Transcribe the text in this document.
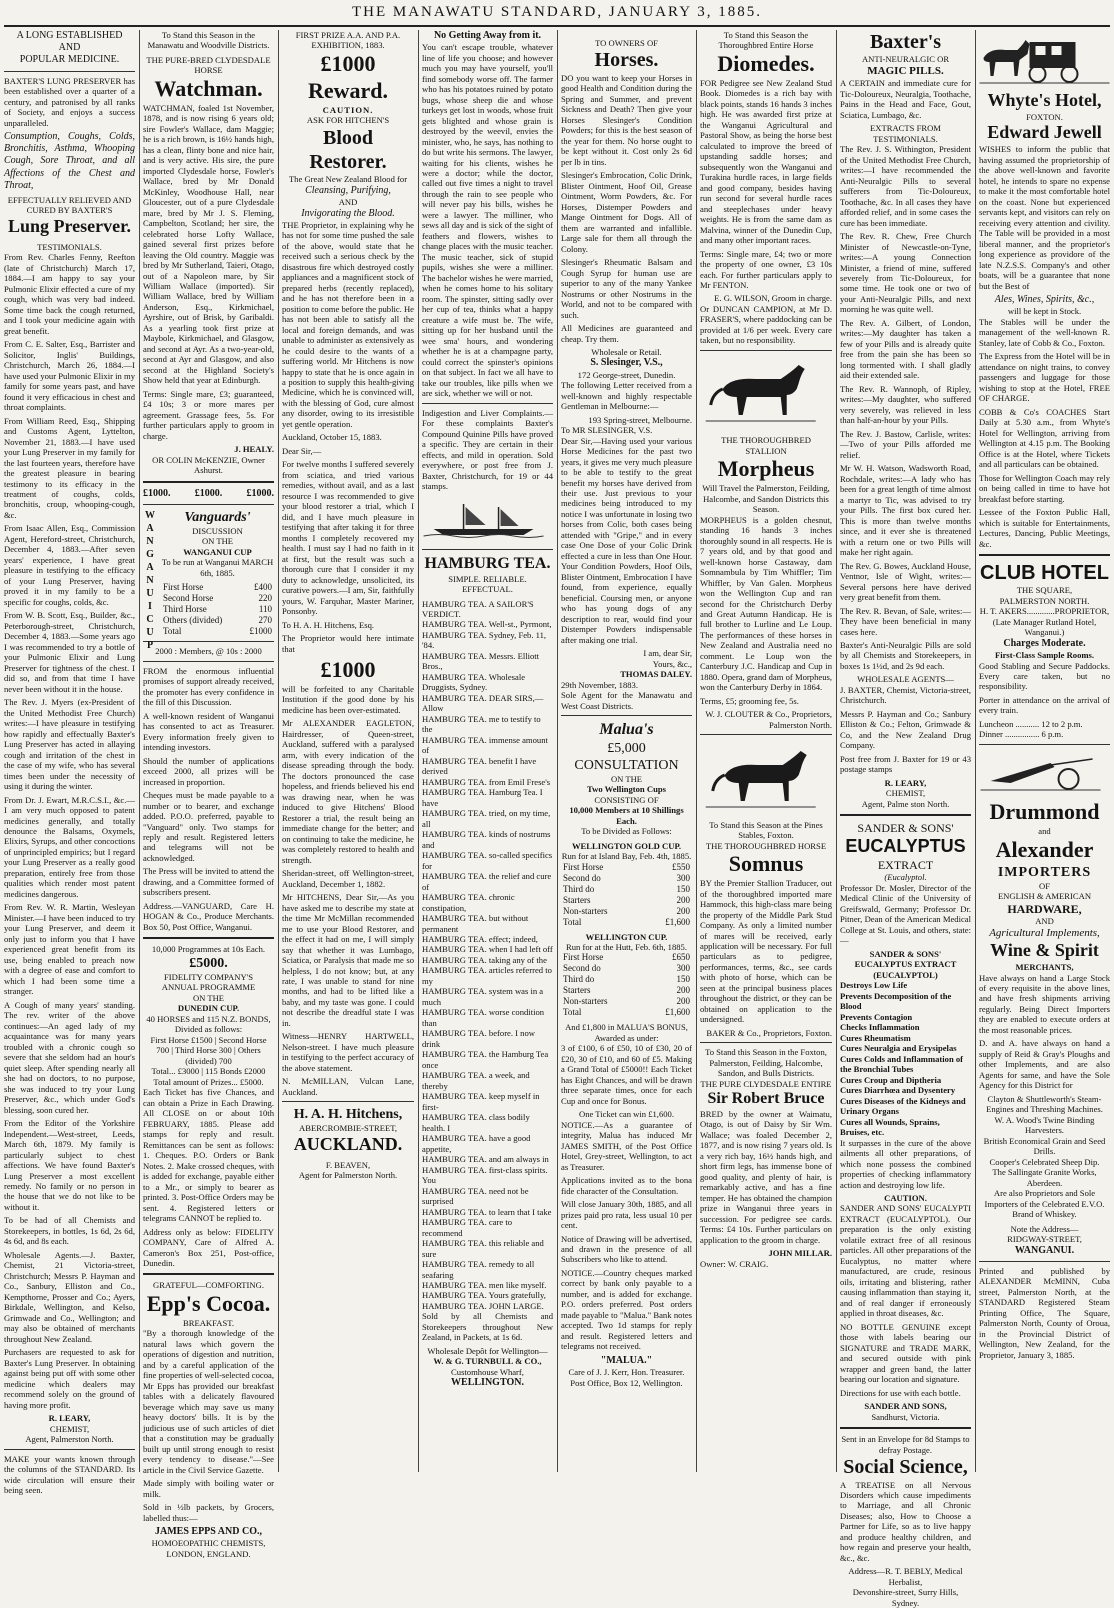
THE MANAWATU STANDARD, JANUARY 3, 1885.
A LONG ESTABLISHED
AND
POPULAR MEDICINE.

BAXTER'S LUNG PRESERVER has been established over a quarter of a century, and patronised by all ranks of Society, and enjoys a success unparalleled.

Consumption, Coughs, Colds, Bronchitis, Asthma, Whooping Cough, Sore Throat, and all Affections of the Chest and Throat,

EFFECTUALLY RELIEVED AND
CURED BY BAXTER'S
Lung Preserver.
TESTIMONIALS.

From Rev. Charles Fenny, Reefton (late of Christchurch) March 17, 1884.—I am happy to say your Pulmonic Elixir effected a cure of my cough, which was very bad indeed. Some time back the cough returned, and I took your medicine again with great benefit.

From C. E. Salter, Esq., Barrister and Solicitor, Inglis' Buildings, Christchurch, March 26, 1884.—I have used your Pulmonic Elixir in my family for some years past, and have found it very efficacious in chest and throat complaints.

From William Reed, Esq., Shipping and Customs Agent, Lyttelton, November 21, 1883.—I have used your Lung Preserver in my family for the last fourteen years, therefore have the greatest pleasure in bearing testimony to its efficacy in the treatment of coughs, colds, bronchitis, croup, whooping-cough, &c.

From Isaac Allen, Esq., Commission Agent, Hereford-street, Christchurch, December 4, 1883.—After seven years' experience, I have great pleasure in testifying to the efficacy of your Lung Preserver, having proved it in my family to be a specific for coughs, colds, &c.

From W. B. Scott, Esq., Builder, &c., Peterborough-street, Christchurch, December 4, 1883.—Some years ago I was recommended to try a bottle of your Pulmonic Elixir and Lung Preserver for tightness of the chest. I did so, and from that time I have never been without it in the house.

The Rev. J. Myers (ex-President of the United Methodist Free Church) writes:—I have pleasure in testifying how rapidly and effectually Baxter's Lung Preserver has acted in allaying cough and irritation of the chest in the case of my wife, who has several times been under the necessity of using it during the winter.

From Dr. J. Ewart, M.R.C.S.I., &c.—I am very much opposed to patent medicines generally, and totally denounce the Balsams, Oxymels, Elixirs, Syrups, and other concoctions of unprincipled empirics; but I regard your Lung Preserver as a really good preparation, entirely free from those qualities which render most patent medicines dangerous.

From Rev. W. R. Martin, Wesleyan Minister.—I have been induced to try your Lung Preserver, and deem it only just to inform you that I have experienced great benefit from its use, being enabled to preach now with a degree of ease and comfort to which I had been some time a stranger.

A Cough of many years' standing. The rev. writer of the above continues:—An aged lady of my acquaintance was for many years troubled with a chronic cough so severe that she seldom had an hour's quiet sleep. After spending nearly all she had on doctors, to no purpose, she was induced to try your Lung Preserver, &c., which under God's blessing, soon cured her.

From the Editor of the Yorkshire Independent.—West-street, Leeds, March 6th, 1879. My family is particularly subject to chest affections. We have found Baxter's Lung Preserver a most excellent remedy. No family or no person in the house that we do not like to be without it.

To be had of all Chemists and Storekeepers, in bottles, 1s 6d, 2s 6d, 4s 6d, and 8s each.

Wholesale Agents.—J. Baxter, Chemist, 21 Victoria-street, Christchurch; Messrs P. Hayman and Co., Sanbury, Elliston and Co., Kempthorne, Prosser and Co.; Ayers, Birkdale, Wellington, and Kelso, Grimwade and Co., Wellington; and may also be obtained of merchants throughout New Zealand.

Purchasers are requested to ask for Baxter's Lung Preserver. In obtaining against being put off with some other medicine which dealers may recommend solely on the ground of having more profit.

R. LEARY,
CHEMIST,
Agent, Palmerston North.

MAKE your wants known through the columns of the STANDARD. Its wide circulation will ensure their being seen.

To Stand this Season in the Manawatu and Woodville Districts.
THE PURE-BRED CLYDESDALE HORSE
Watchman.

WATCHMAN, foaled 1st November, 1878, and is now rising 6 years old; sire Fowler's Wallace, dam Maggie; he is a rich brown, is 16½ hands high, has a clean, flinty bone and nice hair, and is very active. His sire, the pure imported Clydesdale horse, Fowler's Wallace, bred by Mr Donald McKinley, Woodhouse Hall, near Gloucester, out of a pure Clydesdale mare, bred by Mr J. S. Fleming, Campbelton, Scotland; her sire, the celebrated horse Lofty Wallace, gained several first prizes before leaving the Old country. Maggie was bred by Mr Sutherland, Taieri, Otago, out of a Napoleon mare, by Sir William Wallace (imported). Sir William Wallace, bred by William Anderson, Esq., Kirkmichael, Ayrshire, out of Brisk, by Garibaldi. As a yearling took first prize at Maybole, Kirkmichael, and Glasgow, and second at Ayr. As a two-year-old, second at Ayr and Glasgow, and also second at the Highland Society's Show held that year at Edinburgh.

Terms: Single mare, £3; guaranteed, £4 10s; 3 or more mares per agreement. Grassage fees, 5s. For further particulars apply to groom in charge.

J. HEALY.
OR COLIN McKENZIE, Owner Ashurst.
£1000. £1000. £1000.
W
A
N
G
A
N
U
I
C
U
P
Vanguards'
DISCUSSION
ON THE
WANGANUI CUP
To be run at Wanganui MARCH 6th, 1885.
First Horse	£400
Second Horse	220
Third Horse	110
Others (divided)	270
Total	£1000
2000 : Members, @ 10s : 2000

FROM the enormous influential promises of support already received, the promoter has every confidence in the fill of this Discussion.

A well-known resident of Wanganui has consented to act as Treasurer. Every information freely given to intending investors.

Should the number of applications exceed 2000, all prizes will be increased in proportion.

Cheques must be made payable to a number or to bearer, and exchange added. P.O.O. preferred, payable to "Vanguard" only. Two stamps for reply and result. Registered letters and telegrams will not be acknowledged.

The Press will be invited to attend the drawing, and a Committee formed of subscribers present.

Address.—VANGUARD, Care H. HOGAN & Co., Produce Merchants. Box 50, Post Office, Wanganui.

10,000 Programmes at 10s Each.
£5000.
FIDELITY COMPANY'S
ANNUAL PROGRAMME
ON THE
DUNEDIN CUP.
40 HORSES and 115 N.Z. BONDS, Divided as follows:
First Horse £1500 | Second Horse 700 | Third Horse 300 | Others (divided) 700
Total... £3000 | 115 Bonds £2000
Total amount of Prizes... £5000.

Each Ticket has five Chances, and can obtain a Prize in Each Drawing. All CLOSE on or about 10th FEBRUARY, 1885. Please add stamps for reply and result. Remittances can be sent as follows: 1. Cheques. P.O. Orders or Bank Notes. 2. Make crossed cheques, with is added for exchange, payable either to a Mr., or simply to bearer as printed. 3. Post-Office Orders may be sent. 4. Registered letters or telegrams CANNOT be replied to.

Address only as below: FIDELITY COMPANY, Care of Alfred A. Cameron's Box 251, Post-office, Dunedin.

GRATEFUL—COMFORTING.
Epp's Cocoa.
BREAKFAST.

"By a thorough knowledge of the natural laws which govern the operations of digestion and nutrition, and by a careful application of the fine properties of well-selected cocoa, Mr Epps has provided our breakfast tables with a delicately flavoured beverage which may save us many heavy doctors' bills. It is by the judicious use of such articles of diet that a constitution may be gradually built up until strong enough to resist every tendency to disease."—See article in the Civil Service Gazette.

Made simply with boiling water or milk.

Sold in ½lb packets, by Grocers, labelled thus:—

JAMES EPPS AND CO.,
HOMOEOPATHIC CHEMISTS,
LONDON, ENGLAND.
FIRST PRIZE A.A. AND P.A. EXHIBITION, 1883.
£1000 Reward.
CAUTION.
ASK FOR HITCHEN'S
Blood Restorer.
The Great New Zealand Blood for
Cleansing, Purifying,
AND
Invigorating the Blood.

THE Proprietor, in explaining why he has not for some time pushed the sale of the above, would state that he received such a serious check by the disastrous fire which destroyed costly appliances and a magnificent stock of prepared herbs (recently replaced), and he has not therefore been in a position to come before the public. He has not been able to satisfy all the local and foreign demands, and was unable to administer as extensively as he could desire to the wants of a suffering world. Mr Hitchens is now happy to state that he is once again in a position to supply this health-giving Medicine, which he is convinced will, with the blessing of God, cure almost any disorder, owing to its irresistible yet gentle operation.

Auckland, October 15, 1883.

Dear Sir,—

For twelve months I suffered severely from sciatica, and tried various remedies, without avail, and as a last resource I was recommended to give your blood restorer a trial, which I did, and I have much pleasure in testifying that after taking it for three months I completely recovered my health. I must say I had no faith in it at first, but the result was such a thorough cure that I consider it my duty to acknowledge, unsolicited, its curative powers.—I am, Sir, faithfully yours, W. Farquhar, Master Mariner, Ponsonby.

To H. A. H. Hitchens, Esq.

The Proprietor would here intimate that

£1000

will be forfeited to any Charitable Institution if the good done by his medicine has been over-estimated.

Mr ALEXANDER EAGLETON, Hairdresser, of Queen-street, Auckland, suffered with a paralysed arm, with every indication of the disease spreading through the body. The doctors pronounced the case hopeless, and friends believed his end was drawing near, when he was induced to give Hitchens' Blood Restorer a trial, the result being an immediate change for the better; and on continuing to take the medicine, he was completely restored to health and strength.

Sheridan-street, off Wellington-street, Auckland, December 1, 1882.

Mr HITCHENS, Dear Sir,—As you have asked me to describe my state at the time Mr McMillan recommended me to use your Blood Restorer, and the effect it had on me, I will simply say that whether it was Lumbago, Sciatica, or Paralysis that made me so helpless, I do not know; but, at any rate, I was unable to stand for nine months, and had to be lifted like a baby, and my taste was gone. I could not describe the dreadful state I was in.

Witness—HENRY HARTWELL, Nelson-street. I have much pleasure in testifying to the perfect accuracy of the above statement.

N. McMILLAN, Vulcan Lane, Auckland.

H. A. H. Hitchens,
ABERCROMBIE-STREET,
AUCKLAND.
F. BEAVEN,
Agent for Palmerston North.
No Getting Away from it.

You can't escape trouble, whatever line of life you choose; and however much you may have yourself, you'll find somebody worse off. The farmer who has his potatoes ruined by potato bugs, whose sheep die and whose turkeys get lost in woods, whose fruit gets blighted and whose grain is destroyed by the weevil, envies the minister, who, he says, has nothing to do but write his sermons. The lawyer, waiting for his clients, wishes he were a doctor; while the doctor, called out five times a night to travel through the rain to see people who will never pay his bills, wishes he were a lawyer. The milliner, who sews all day and is sick of the sight of feathers and flowers, wishes to change places with the music teacher. The music teacher, sick of stupid pupils, wishes she were a milliner. The bachelor wishes he were married, when he comes home to his solitary room. The spinster, sitting sadly over her cup of tea, thinks what a happy creature a wife must be. The wife, sitting up for her husband until the wee sma' hours, and wondering whether he is at a champagne party, could correct the spinster's opinions on that subject. In fact we all have to take our troubles, like pills when we are sick, whether we will or not.

Indigestion and Liver Complaints.—For these complaints Baxter's Compound Quinine Pills have proved a specific. They are certain in their effects, and mild in operation. Sold everywhere, or post free from J. Baxter, Christchurch, for 19 or 44 stamps.

HAMBURG TEA.
SIMPLE. RELIABLE. EFFECTUAL.
HAMBURG TEA. A SAILOR'S VERDICT.
HAMBURG TEA. Well-st., Pyrmont,
HAMBURG TEA. Sydney, Feb. 11, '84.
HAMBURG TEA. Messrs. Elliott Bros.,
HAMBURG TEA. Wholesale Druggists, Sydney.
HAMBURG TEA. DEAR SIRS,—Allow
HAMBURG TEA. me to testify to the
HAMBURG TEA. immense amount of
HAMBURG TEA. benefit I have derived
HAMBURG TEA. from Emil Frese's
HAMBURG TEA. Hamburg Tea. I have
HAMBURG TEA. tried, on my time, all
HAMBURG TEA. kinds of nostrums and
HAMBURG TEA. so-called specifics for
HAMBURG TEA. the relief and cure of
HAMBURG TEA. chronic constipation,
HAMBURG TEA. but without permanent
HAMBURG TEA. effect; indeed,
HAMBURG TEA. when I had left off
HAMBURG TEA. taking any of the
HAMBURG TEA. articles referred to my
HAMBURG TEA. system was in a much
HAMBURG TEA. worse condition than
HAMBURG TEA. before. I now drink
HAMBURG TEA. the Hamburg Tea once
HAMBURG TEA. a week, and thereby
HAMBURG TEA. keep myself in first-
HAMBURG TEA. class bodily health. I
HAMBURG TEA. have a good appetite,
HAMBURG TEA. and am always in
HAMBURG TEA. first-class spirits. You
HAMBURG TEA. need not be surprised
HAMBURG TEA. to learn that I take
HAMBURG TEA. care to recommend
HAMBURG TEA. this reliable and sure
HAMBURG TEA. remedy to all seafaring
HAMBURG TEA. men like myself.
HAMBURG TEA. Yours gratefully,
HAMBURG TEA. JOHN LARGE.

Sold by all Chemists and Storekeepers throughout New Zealand, in Packets, at 1s 6d.

Wholesale Depôt for Wellington—
W. & G. TURNBULL & CO.,
Customhouse Wharf,
WELLINGTON.
TO OWNERS OF
Horses.

DO you want to keep your Horses in good Health and Condition during the Spring and Summer, and prevent Sickness and Death? Then give your Horses Slesinger's Condition Powders; for this is the best season of the year for them. No horse ought to be kept without it. Cost only 2s 6d per lb in tins.

Slesinger's Embrocation, Colic Drink, Blister Ointment, Hoof Oil, Grease Ointment, Worm Powders, &c. For Horses, Distemper Powders and Mange Ointment for Dogs. All of them are warranted and infallible. Large sale for them all through the Colony.

Slesinger's Rheumatic Balsam and Cough Syrup for human use are superior to any of the many Yankee Nostrums or other Nostrums in the World, and not to be compared with such.

All Medicines are guaranteed and cheap. Try them.

Wholesale or Retail.
S. Slesinger, V.S.,
172 George-street, Dunedin.

The following Letter received from a well-known and highly respectable Gentleman in Melbourne:—

193 Spring-street, Melbourne.
To MR SLESINGER, V.S.

Dear Sir,—Having used your various Horse Medicines for the past two years, it gives me very much pleasure to be able to testify to the great benefit my horses have derived from their use. Just previous to your medicines being introduced to my notice I was unfortunate in losing two horses from Colic, both cases being attended with "Gripe," and in every case One Dose of your Colic Drink effected a cure in less than One Hour. Your Condition Powders, Hoof Oils, Blister Ointment, Embrocation I have found, from experience, equally beneficial. Coursing men, or anyone who has young dogs of any description to rear, would find your Distemper Powders indispensable after making one trial.

I am, dear Sir,
Yours, &c.,
THOMAS DALEY.
29th November, 1883.

Sole Agent for the Manawatu and West Coast Districts.

Malua's
£5,000 CONSULTATION
ON THE
Two Wellington Cups
CONSISTING OF
10,000 Members at 10 Shillings Each.
To be Divided as Follows:
WELLINGTON GOLD CUP.
Run for at Island Bay, Feb. 4th, 1885.
First Horse	£550
Second do	300
Third do	150
Starters	200
Non-starters	200
Total	£1,600
WELLINGTON CUP.
Run for at the Hutt, Feb. 6th, 1885.
First Horse	£650
Second do	300
Third do	150
Starters	200
Non-starters	200
Total	£1,600
And £1,800 in MALUA'S BONUS, Awarded as under:

3 of £100, 6 of £50, 10 of £30, 20 of £20, 30 of £10, and 60 of £5. Making a Grand Total of £5000!! Each Ticket has Eight Chances, and will be drawn three separate times, once for each Cup and once for Bonus.

One Ticket can win £1,600.

NOTICE.—As a guarantee of integrity, Malua has induced Mr JAMES SMITH, of the Post Office Hotel, Grey-street, Wellington, to act as Treasurer.

Applications invited as to the bona fide character of the Consultation.

Will close January 30th, 1885, and all prizes paid pro rata, less usual 10 per cent.

Notice of Drawing will be advertised, and drawn in the presence of all Subscribers who like to attend.

NOTICE.—Country cheques marked correct by bank only payable to a number, and is added for exchange. P.O. orders preferred. Post orders made payable to "Malua." Bank notes accepted. Two 1d stamps for reply and result. Registered letters and telegrams not received.

"MALUA."
Care of J. J. Kerr, Hon. Treasurer. Post Office, Box 12, Wellington.
To Stand this Season the Thoroughbred Entire Horse
Diomedes.

FOR Pedigree see New Zealand Stud Book. Diomedes is a rich bay with black points, stands 16 hands 3 inches high. He was awarded first prize at the Wanganui Agricultural and Pastoral Show, as being the horse best calculated to improve the breed of upstanding saddle horses; and subsequently won the Wanganui and Turakina hurdle races, in large fields and good company, besides having run second for several hurdle races and steeplechases under heavy weights. He is from the same dam as Malvina, winner of the Dunedin Cup, and many other important races.

Terms: Single mare, £4; two or more the property of one owner, £3 10s each. For further particulars apply to Mr FENTON.

E. G. WILSON, Groom in charge.

Or DUNCAN CAMPION, at Mr D. FRASER'S, where paddocking can be provided at 1/6 per week. Every care taken, but no responsibility.

THE THOROUGHBRED STALLION
Morpheus
Will Travel the Palmerston, Feilding, Halcombe, and Sandon Districts this Season.

MORPHEUS is a golden chesnut, standing 16 hands 3 inches thoroughly sound in all respects. He is 7 years old, and by that good and well-known horse Castaway, dam Somnambula by Tim Whiffler; Tim Whiffler, by Van Galen. Morpheus won the Wellington Cup and ran second for the Christchurch Derby and Great Autumn Handicap. He is full brother to Lurline and Le Loup. The performances of these horses in New Zealand and Australia need no comment. Le Loup won the Canterbury J.C. Handicap and Cup in 1880. Opera, grand dam of Morpheus, won the Canterbury Derby in 1864.

Terms, £5; grooming fee, 5s.

W. J. CLOUTER & Co., Proprietors, Palmerston North.
To Stand this Season at the Pines Stables, Foxton.
THE THOROUGHBRED HORSE
Somnus

BY the Premier Stallion Traducer, out of the thoroughbred imported mare Hammock, this high-class mare being the property of the Middle Park Stud Company. As only a limited number of mares will be received, early application will be necessary. For full particulars as to pedigree, performances, terms, &c., see cards with photo of horse, which can be seen at the principal business places throughout the district, or they can be obtained on application to the undersigned.

BAKER & Co., Proprietors, Foxton.
To Stand this Season in the Foxton, Palmerston, Feilding, Halcombe, Sandon, and Bulls Districts.
THE PURE CLYDESDALE ENTIRE
Sir Robert Bruce

BRED by the owner at Waimatu, Otago, is out of Daisy by Sir Wm. Wallace; was foaled December 2, 1877, and is now rising 7 years old. Is a very rich bay, 16½ hands high, and short firm legs, has immense bone of good quality, and plenty of hair, is remarkably active, and has a fine temper. He has obtained the champion prize in Wanganui three years in succession. For pedigree see cards. Terms: £4 10s. Further particulars on application to the groom in charge.

JOHN MILLAR.
Owner: W. CRAIG.
Baxter's
ANTI-NEURALGIC OR
MAGIC PILLS.

A CERTAIN and immediate cure for Tic-Doloureux, Neuralgia, Toothache, Pains in the Head and Face, Gout, Sciatica, Lumbago, &c.

EXTRACTS FROM TESTIMONIALS.

The Rev. J. S. Withington, President of the United Methodist Free Church, writes:—I have recommended the Anti-Neuralgic Pills to several sufferers from Tic-Doloureux, Toothache, &c. In all cases they have afforded relief, and in some cases the cure has been immediate.

The Rev. R. Chew, Free Church Minister of Newcastle-on-Tyne, writes:—A young Connection Minister, a friend of mine, suffered severely from Tic-Doloureux, for some time. He took one or two of your Anti-Neuralgic Pills, and next morning he was quite well.

The Rev. A. Gilbert, of London, writes:—My daughter has taken a few of your Pills and is already quite free from the pain she has been so long tormented with. I shall gladly aid their extended sale.

The Rev. R. Wannoph, of Ripley, writes:—My daughter, who suffered very severely, was relieved in less than half-an-hour by your Pills.

The Rev. J. Bastow, Carlisle, writes:—Two of your Pills afforded me relief.

Mr W. H. Watson, Wadsworth Road, Rochdale, writes:—A lady who has been for a great length of time almost a martyr to Tic, was advised to try your Pills. The first box cured her. This is more than twelve months since, and it ever she is threatened with a return one or two Pills will make her right again.

The Rev. G. Bowes, Auckland House, Ventnor, Isle of Wight, writes:—Several persons here have derived very great benefit from them.

The Rev. R. Bevan, of Sale, writes:—They have been beneficial in many cases here.

Baxter's Anti-Neuralgic Pills are sold by all Chemists and Storekeepers, in boxes 1s 1½d, and 2s 9d each.

WHOLESALE AGENTS—

J. BAXTER, Chemist, Victoria-street, Christchurch.

Messrs P. Hayman and Co.; Sanbury Elliston & Co.; Felton, Grimwade & Co, and the New Zealand Drug Company.

Post free from J. Baxter for 19 or 43 postage stamps

R. LEARY,
CHEMIST,
Agent, Palme ston North.
SANDER & SONS'
EUCALYPTUS
EXTRACT
(Eucalyptol.

Professor Dr. Mosler, Director of the Medical Clinic of the University of Greifswald, Germany; Professor Dr. Pitner, Dean of the American Medical College at St. Louis, and others, state:—

SANDER & SONS' EUCALYPTUS EXTRACT (EUCALYPTOL)
Destroys Low Life
Prevents Decomposition of the Blood
Prevents Contagion
Checks Inflammation
Cures Rheumatism
Cures Neuralgia and Erysipelas
Cures Colds and Inflammation of the Bronchial Tubes
Cures Croup and Diptheria
Cures Diarrhœa and Dysentery
Cures Diseases of the Kidneys and Urinary Organs
Cures all Wounds, Sprains, Bruises, etc.

It surpasses in the cure of the above ailments all other preparations, of which none possess the combined properties of checking inflammatory action and destroying low life.

CAUTION.

SANDER AND SONS' EUCALYPTI EXTRACT (EUCALYPTOL). Our preparation is the only existing volatile extract free of all resinous particles. All other preparations of the Eucalyptus, no matter where manufactured, are crude, resinous oils, irritating and blistering, rather causing inflammation than staying it, and of real danger if erroneously applied in throat diseases, &c.

NO BOTTLE GENUINE except those with labels bearing our SIGNATURE and TRADE MARK, and secured outside with pink wrapper and green band, the latter bearing our location and signature.

Directions for use with each bottle.

SANDER AND SONS,
Sandhurst, Victoria.
Sent in an Envelope for 8d Stamps to defray Postage.
Social Science,

A TREATISE on all Nervous Disorders which cause impediments to Marriage, and all Chronic Diseases; also, How to Choose a Partner for Life, so as to live happy and produce healthy children, and how regain and preserve your health, &c., &c.

Address—R. T. BEBLY, Medical Herbalist,
Devonshire-street, Surry Hills, Sydney.
Whyte's Hotel,
FOXTON.
Edward Jewell

WISHES to inform the public that having assumed the proprietorship of the above well-known and favorite hotel, he intends to spare no expense to make it the most comfortable hotel on the coast. None but experienced servants kept, and visitors can rely on receiving every attention and civility. The Table will be provided in a most liberal manner, and the proprietor's long experience as providore of the late N.Z.S.S. Company's and other boats, will be a guarantee that none but the Best of

Ales, Wines, Spirits, &c.,
will be kept in Stock.

The Stables will be under the management of the well-known R. Stanley, late of Cobb & Co., Foxton.

The Express from the Hotel will be in attendance on night trains, to convey passengers and luggage for those wishing to stop at the Hotel, FREE OF CHARGE.

COBB & Co's COACHES Start Daily at 5.30 a.m., from Whyte's Hotel for Wellington, arriving from Wellington at 4.15 p.m. The Booking Office is at the Hotel, where Tickets and all particulars can be obtained.

Those for Wellington Coach may rely on being called in time to have hot breakfast before starting.

Lessee of the Foxton Public Hall, which is suitable for Entertainments, Lectures, Dancing, Public Meetings, &c.

CLUB HOTEL
THE SQUARE,
PALMERSTON NORTH.
H. T. AKERS.............PROPRIETOR,
(Late Manager Rutland Hotel, Wanganui.)
Charges Moderate.
First-Class Sample Rooms.

Good Stabling and Secure Paddocks. Every care taken, but no responsibility.

Porter in attendance on the arrival of every train.

Luncheon ........... 12 to 2 p.m.
Dinner ................ 6 p.m.
Drummond
and
Alexander
IMPORTERS
OF
ENGLISH & AMERICAN
HARDWARE,
AND
Agricultural Implements,
Wine & Spirit
MERCHANTS,

Have always on hand a Large Stock of every requisite in the above lines, and have fresh shipments arriving regularly. Being Direct Importers they are enabled to execute orders at the most reasonable prices.

D. and A. have always on hand a supply of Reid & Gray's Ploughs and other Implements, and are also Agents for same, and have the Sole Agency for this District for

Clayton & Shuttleworth's Steam-Engines and Threshing Machines.
W. A. Wood's Twine Binding Harvesters.
British Economical Grain and Seed Drills.
Cooper's Celebrated Sheep Dip.
The Sallingate Granite Works, Aberdeen.
Are also Proprietors and Sole Importers of the Celebrated E.V.O. Brand of Whiskey.
Note the Address—
RIDGWAY-STREET,
WANGANUI.

Printed and published by ALEXANDER McMINN, Cuba street, Palmerston North, at the STANDARD Registered Steam Printing Office, The Square, Palmerston North, County of Oroua, in the Provincial District of Wellington, New Zealand, for the Proprietor, January 3, 1885.
